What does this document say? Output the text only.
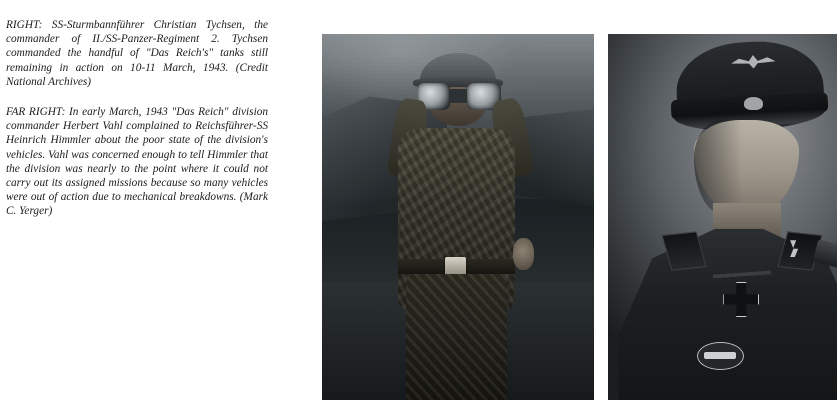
RIGHT: SS-Sturmbannführer Christian Tychsen, the commander of II./SS-Panzer-Regiment 2. Tychsen commanded the handful of "Das Reich's" tanks still remaining in action on 10-11 March, 1943. (Credit National Archives)

FAR RIGHT: In early March, 1943 "Das Reich" division commander Herbert Vahl complained to Reichsführer-SS Heinrich Himmler about the poor state of the division's vehicles. Vahl was concerned enough to tell Himmler that the division was nearly to the point where it could not carry out its assigned missions because so many vehicles were out of action due to mechanical breakdowns. (Mark C. Yerger)
